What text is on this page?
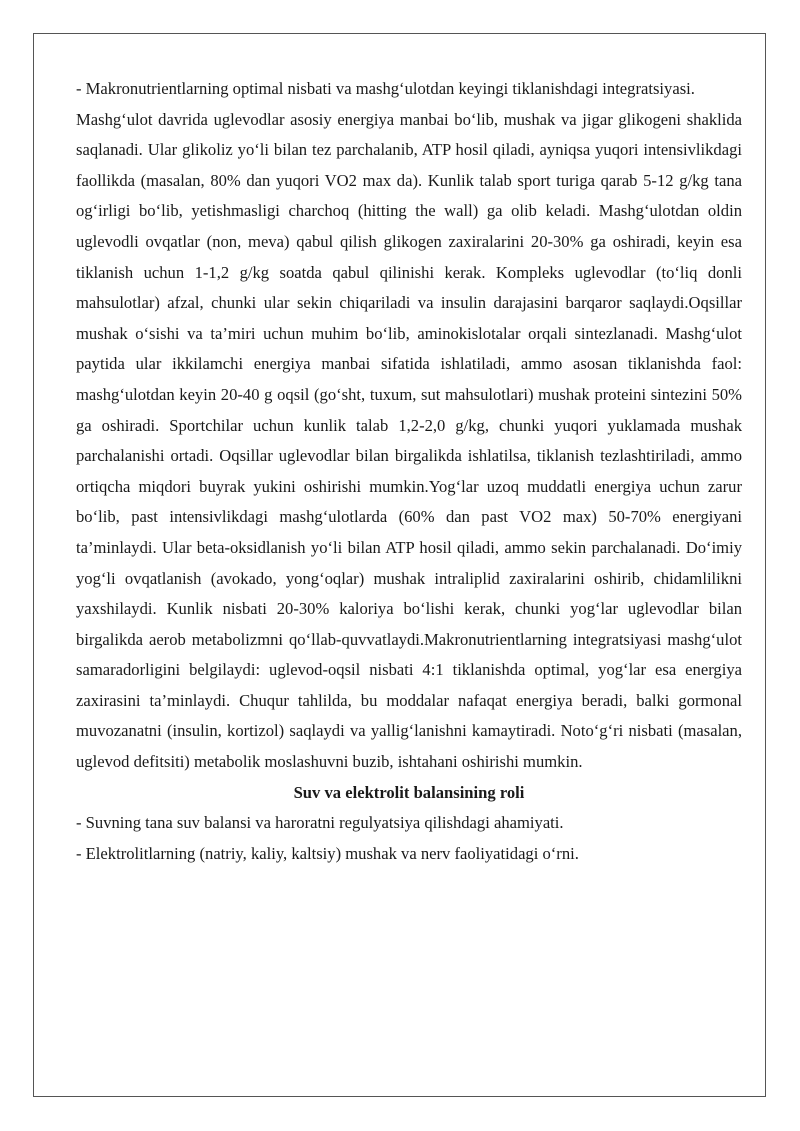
- Makronutrientlarning optimal nisbati va mashg‘ulotdan keyingi tiklanishdagi integratsiyasi.

Mashg‘ulot davrida uglevodlar asosiy energiya manbai bo‘lib, mushak va jigar glikogeni shaklida saqlanadi. Ular glikoliz yo‘li bilan tez parchalanib, ATP hosil qiladi, ayniqsa yuqori intensivlikdagi faollikda (masalan, 80% dan yuqori VO2 max da). Kunlik talab sport turiga qarab 5-12 g/kg tana og‘irligi bo‘lib, yetishmasligi charchoq (hitting the wall) ga olib keladi. Mashg‘ulotdan oldin uglevodli ovqatlar (non, meva) qabul qilish glikogen zaxiralarini 20-30% ga oshiradi, keyin esa tiklanish uchun 1-1,2 g/kg soatda qabul qilinishi kerak. Kompleks uglevodlar (to‘liq donli mahsulotlar) afzal, chunki ular sekin chiqariladi va insulin darajasini barqaror saqlaydi.Oqsillar mushak o‘sishi va ta’miri uchun muhim bo‘lib, aminokislotalar orqali sintezlanadi. Mashg‘ulot paytida ular ikkilamchi energiya manbai sifatida ishlatiladi, ammo asosan tiklanishda faol: mashg‘ulotdan keyin 20-40 g oqsil (go‘sht, tuxum, sut mahsulotlari) mushak proteini sintezini 50% ga oshiradi. Sportchilar uchun kunlik talab 1,2-2,0 g/kg, chunki yuqori yuklamada mushak parchalanishi ortadi. Oqsillar uglevodlar bilan birgalikda ishlatilsa, tiklanish tezlashtiriladi, ammo ortiqcha miqdori buyrak yukini oshirishi mumkin.Yog‘lar uzoq muddatli energiya uchun zarur bo‘lib, past intensivlikdagi mashg‘ulotlarda (60% dan past VO2 max) 50-70% energiyani ta’minlaydi. Ular beta-oksidlanish yo‘li bilan ATP hosil qiladi, ammo sekin parchalanadi. Do‘imiy yog‘li ovqatlanish (avokado, yong‘oqlar) mushak intraliplid zaxiralarini oshirib, chidamlilikni yaxshilaydi. Kunlik nisbati 20-30% kaloriya bo‘lishi kerak, chunki yog‘lar uglevodlar bilan birgalikda aerob metabolizmni qo‘llab-quvvatlaydi.Makronutrientlarning integratsiyasi mashg‘ulot samaradorligini belgilaydi: uglevod-oqsil nisbati 4:1 tiklanishda optimal, yog‘lar esa energiya zaxirasini ta’minlaydi. Chuqur tahlilda, bu moddalar nafaqat energiya beradi, balki gormonal muvozanatni (insulin, kortizol) saqlaydi va yallig‘lanishni kamaytiradi. Noto‘g‘ri nisbati (masalan, uglevod defitsiti) metabolik moslashuvni buzib, ishtahani oshirishi mumkin.

Suv va elektrolit balansining roli

- Suvning tana suv balansi va haroratni regulyatsiya qilishdagi ahamiyati.

- Elektrolitlarning (natriy, kaliy, kaltsiy) mushak va nerv faoliyatidagi o‘rni.
